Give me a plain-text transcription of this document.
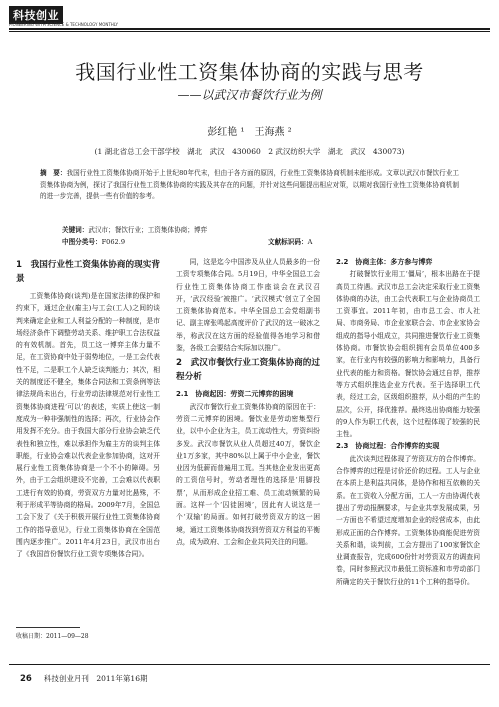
科技创业
PIONEERING WITH SCIENCE & TECHNOLOGY MONTHLY
我国行业性工资集体协商的实践与思考
——以武汉市餐饮行业为例
彭红艳 ¹　王海燕 ²
(1 湖北省总工会干部学校　湖北　武汉　430060　2 武汉纺织大学　湖北　武汉　430073)
摘　要：我国行业性工资集体协商开始于上世纪80年代末，但由于各方面的原因，行业性工资集体协商机制未能形成。文章以武汉市餐饮行业工资集体协商为例，探讨了我国行业性工资集体协商的实践及其存在的问题，并针对这些问题提出相应对策，以期对我国行业性工资集体协商机制的进一步完善，提供一些有价值的参考。
关键词：武汉市；餐饮行业；工资集体协商；博弈
中图分类号：F062.9	文献标识码：A
1　我国行业性工资集体协商的现实背景

工资集体协商(谈判)是在国家法律的保护和约束下，通过企业(雇主)与工会(工人)之间的谈判来确定企业和工人利益分配的一种制度，是市场经济条件下调整劳动关系、维护职工合法权益的有效机制。首先，员工这一博弈主体力量不足，在工资协商中处于弱势地位，一是工会代表性不足，二是职工个人缺乏谈判能力；其次，相关的制度还不健全，集体合同法和工资条例等法律法规尚未出台，行业劳动法律规范对行业性工资集体协商进程‘可以’的表述，实质上使这一制度成为一种非强制性的选择；再次，行业协会作用发挥不充分。由于我国大部分行业协会缺乏代表性和独立性，难以承担作为雇主方的谈判主体职能，行业协会难以代表企业参加协商，这对开展行业性工资集体协商是一个不小的障碍。另外，由于工会组织建设不完善，工会难以代表职工进行有效的协商，劳资双方力量对比悬殊，不利于形成平等协商的格局。2009年7月，全国总工会下发了《关于积极开展行业性工资集体协商工作的指导意见》，行业工资集体协商在全国范围内逐步推广。2011年4月23日，武汉市出台了《我国首份餐饮行业工资专项集体合同》。

同，这是迄今中国涉及从业人员最多的一份工资专项集体合同。5月19日，中华全国总工会行业性工资集体协商工作座谈会在武汉召开，‘武汉经验’被推广。‘武汉模式’创立了全国工资集体协商范本。中华全国总工会党组副书记、副主席张鸣起高度评价了武汉的这一破冰之举，称武汉在这方面的经验值得各地学习和借鉴，各级工会要结合实际加以推广。

2　武汉市餐饮行业工资集体协商的过程分析
2.1　协商起因：劳资二元博弈的困境

武汉市餐饮行业工资集体协商的原因在于：劳资二元博弈的困境。餐饮业是劳动密集型行业，以中小企业为主，员工流动性大，劳资纠纷多发。武汉市餐饮从业人员超过40万，餐饮企业1万多家，其中80%以上属于中小企业，餐饮业因为低薪而普遍用工荒。当其他企业发出更高的工资信号时，劳动者理性的选择是‘用脚投票’，从而形成企业招工难、员工流动频繁的局面。这样一个‘囚徒困境’，因此有人说这是一个‘双输’的局面。如何打破劳资双方的这一困境，通过工资集体协商找到劳资双方利益的平衡点，成为政府、工会和企业共同关注的问题。

2.2　协商主体：多方参与博弈

打破餐饮行业用工‘僵局’，根本出路在于提高员工待遇。武汉市总工会决定采取行业工资集体协商的办法，由工会代表职工与企业协商员工工资事宜。2011年初，由市总工会、市人社局、市商务局、市企业家联合会、市企业家协会组成的指导小组成立，共同推进餐饮行业工资集体协商。市餐饮协会组织拥有会员单位400多家，在行业内有较强的影响力和影响力，具备行业代表的能力和资格。餐饮协会通过自荐，推荐等方式组织推选企业方代表。至于选择职工代表，经过工会，区级组织推荐，从小组的产生的层次，公开，择优推荐。最终选出协商能力较强的9人作为职工代表，这个过程体现了较强的民主性。

2.3　协商过程：合作博弈的实现

此次谈判过程体现了劳资双方的合作博弈。合作博弈的过程是讨价还价的过程。工人与企业在本质上是利益共同体，是协作和相互依赖的关系。在工资收入分配方面，工人一方由协调代表提出了劳动报酬要求，与企业共享发展成果，另一方面也不希望过度增加企业的经营成本，由此形成正面的合作博弈。工资集体协商能促进劳资关系和谐，谈判前，工会方提出了100家餐饮企业调查报告，完成600份针对劳资双方的调查问卷，同时参照武汉市最低工资标准和市劳动部门所确定的关于餐饮行业的11个工种的指导价。

收稿日期：2011—09—28
26 科技创业月刊　 2011年第16期
